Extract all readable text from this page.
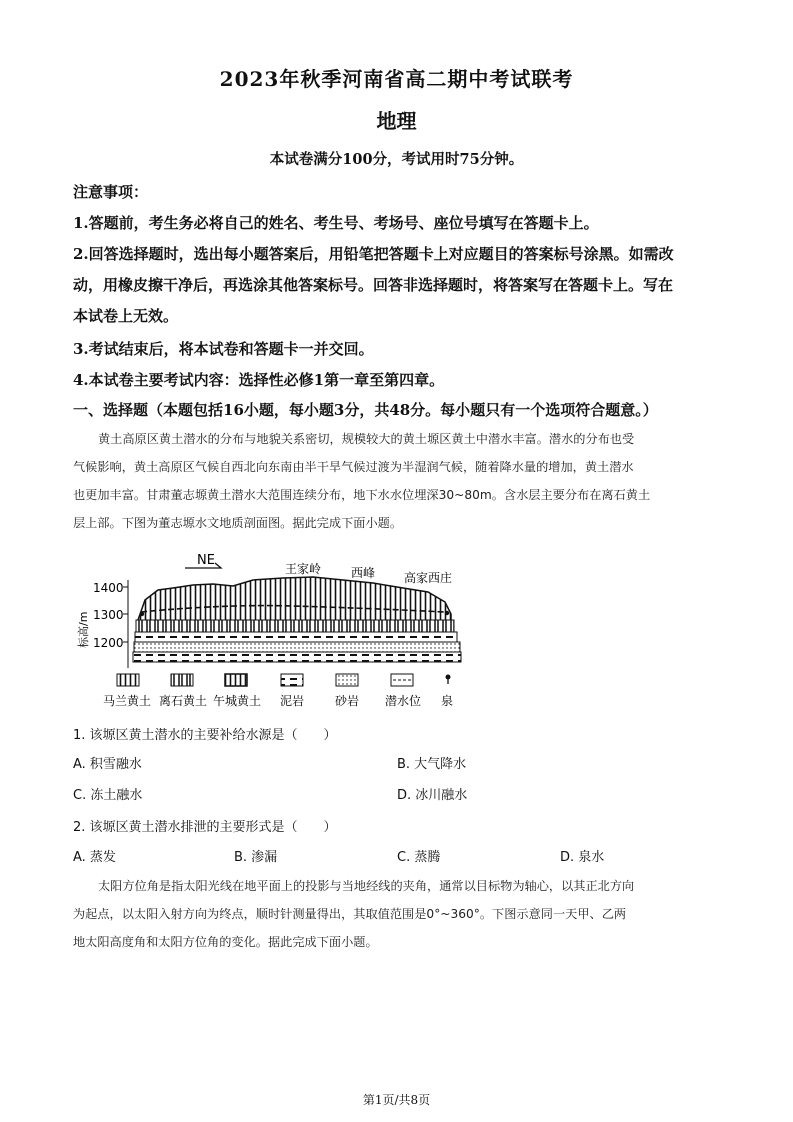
2023年秋季河南省高二期中考试联考
地理
本试卷满分100分，考试用时75分钟。
注意事项：
1.答题前，考生务必将自己的姓名、考生号、考场号、座位号填写在答题卡上。
2.回答选择题时，选出每小题答案后，用铅笔把答题卡上对应题目的答案标号涂黑。如需改
动，用橡皮擦干净后，再选涂其他答案标号。回答非选择题时，将答案写在答题卡上。写在
本试卷上无效。
3.考试结束后，将本试卷和答题卡一并交回。
4.本试卷主要考试内容：选择性必修1第一章至第四章。
一、选择题（本题包括16小题，每小题3分，共48分。每小题只有一个选项符合题意。）
黄土高原区黄土潜水的分布与地貌关系密切，规模较大的黄土塬区黄土中潜水丰富。潜水的分布也受
气候影响，黄土高原区气候自西北向东南由半干旱气候过渡为半湿润气候，随着降水量的增加，黄土潜水
也更加丰富。甘肃董志塬黄土潜水大范围连续分布，地下水水位埋深30~80m。含水层主要分布在离石黄土
层上部。下图为董志塬水文地质剖面图。据此完成下面小题。
NE
王家岭 西峰 高家西庄
标高/m
1400
1300
1200
马兰黄土 离石黄土 午城黄土 泥岩	砂岩 潜水位 泉
1. 该塬区黄土潜水的主要补给水源是（　　）
A. 积雪融水	B. 大气降水
C. 冻土融水	D. 冰川融水
2. 该塬区黄土潜水排泄的主要形式是（　　）
A. 蒸发	B. 渗漏	C. 蒸腾	D. 泉水
太阳方位角是指太阳光线在地平面上的投影与当地经线的夹角，通常以目标物为轴心，以其正北方向
为起点，以太阳入射方向为终点，顺时针测量得出，其取值范围是0°~360°。下图示意同一天甲、乙两
地太阳高度角和太阳方位角的变化。据此完成下面小题。
第1页/共8页
